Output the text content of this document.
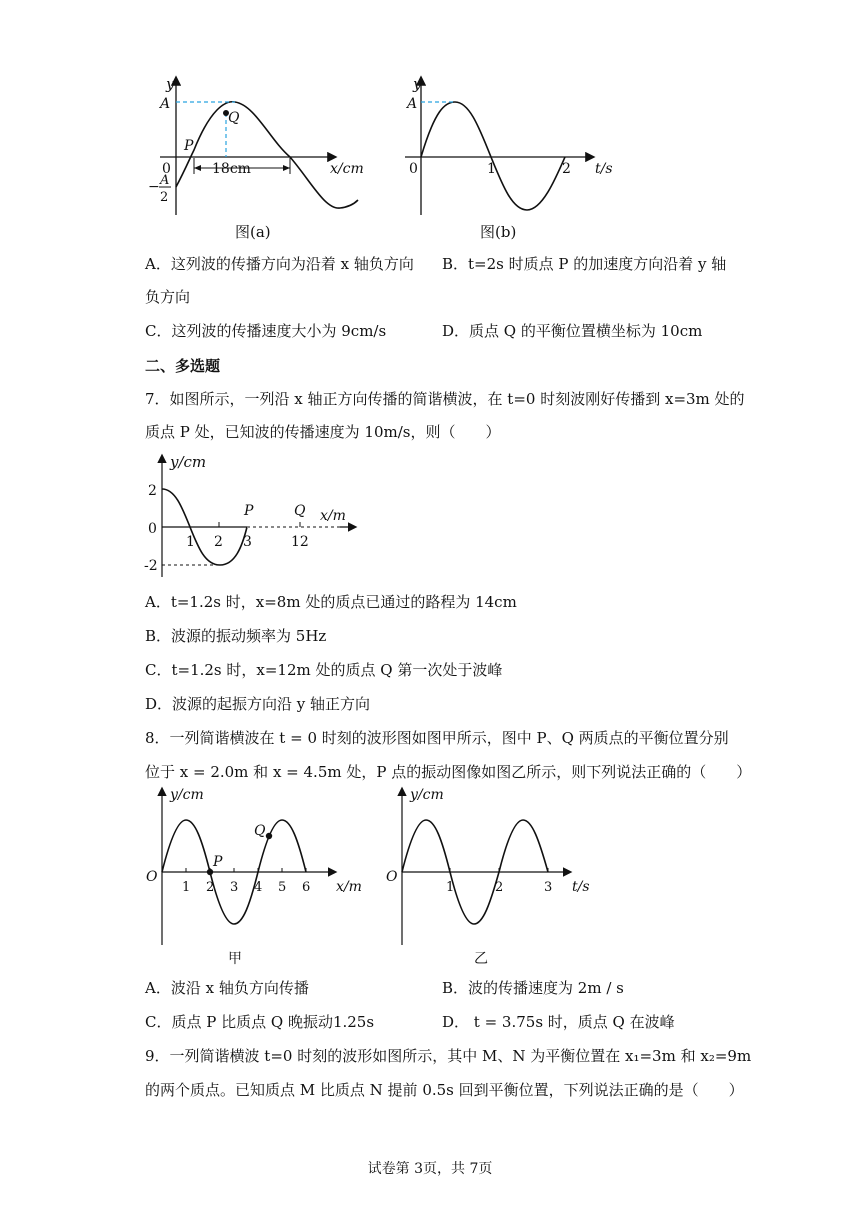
y
A
0
− A
2
P
Q
18cm	x/cm
图(a)
y
A
0	1	2 t/s
图(b)
A．这列波的传播方向为沿着 x 轴负方向 B．t=2s 时质点 P 的加速度方向沿着 y 轴
负方向
C．这列波的传播速度大小为 9cm/s	D．质点 Q 的平衡位置横坐标为 10cm
二、多选题
7．如图所示，一列沿 x 轴正方向传播的简谐横波，在 t=0 时刻波刚好传播到 x=3m 处的
质点 P 处，已知波的传播速度为 10m/s，则（　　）
y/cm
2
0
-2
1 2 3	12
P	Q x/m
A．t=1.2s 时，x=8m 处的质点已通过的路程为 14cm
B．波源的振动频率为 5Hz
C．t=1.2s 时，x=12m 处的质点 Q 第一次处于波峰
D．波源的起振方向沿 y 轴正方向
8．一列简谐横波在 t = 0 时刻的波形图如图甲所示，图中 P、Q 两质点的平衡位置分别
位于 x = 2.0m 和 x = 4.5m 处，P 点的振动图像如图乙所示，则下列说法正确的（　　）
y/cm
O
1 2 3 4 5 6 x/m
P
Q
甲
y/cm
O
1	2	3 t/s
乙
A．波沿 x 轴负方向传播	B．波的传播速度为 2m / s
C．质点 P 比质点 Q 晚振动1.25s	D． t = 3.75s 时，质点 Q 在波峰
9．一列简谐横波 t=0 时刻的波形如图所示，其中 M、N 为平衡位置在 x₁=3m 和 x₂=9m
的两个质点。已知质点 M 比质点 N 提前 0.5s 回到平衡位置，下列说法正确的是（　　）
试卷第 3页，共 7页
